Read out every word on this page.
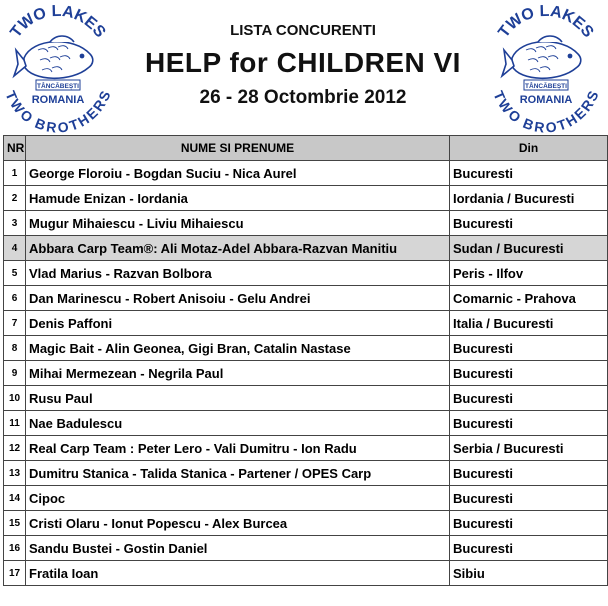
TWO LAKES
TWO BROTHERS
TÂNCĂBEȘTI
ROMANIA
LISTA CONCURENTI
HELP for CHILDREN VI
26 - 28 Octombrie 2012
TWO LAKES
TWO BROTHERS
TÂNCĂBEȘTI
ROMANIA
NR	NUME SI PRENUME	Din
1	George Floroiu - Bogdan Suciu - Nica Aurel	Bucuresti
2	Hamude Enizan - Iordania	Iordania / Bucuresti
3	Mugur Mihaiescu - Liviu Mihaiescu	Bucuresti
4	Abbara Carp Team®: Ali Motaz-Adel Abbara-Razvan Manitiu	Sudan / Bucuresti
5	Vlad Marius - Razvan Bolbora	Peris - Ilfov
6	Dan Marinescu - Robert Anisoiu - Gelu Andrei	Comarnic - Prahova
7	Denis Paffoni	Italia / Bucuresti
8	Magic Bait - Alin Geonea, Gigi Bran, Catalin Nastase	Bucuresti
9	Mihai Mermezean - Negrila Paul	Bucuresti
10	Rusu Paul	Bucuresti
11	Nae Badulescu	Bucuresti
12	Real Carp Team : Peter Lero - Vali Dumitru - Ion Radu	Serbia / Bucuresti
13	Dumitru Stanica - Talida Stanica - Partener / OPES Carp	Bucuresti
14	Cipoc	Bucuresti
15	Cristi Olaru - Ionut Popescu - Alex Burcea	Bucuresti
16	Sandu Bustei - Gostin Daniel	Bucuresti
17	Fratila Ioan	Sibiu
